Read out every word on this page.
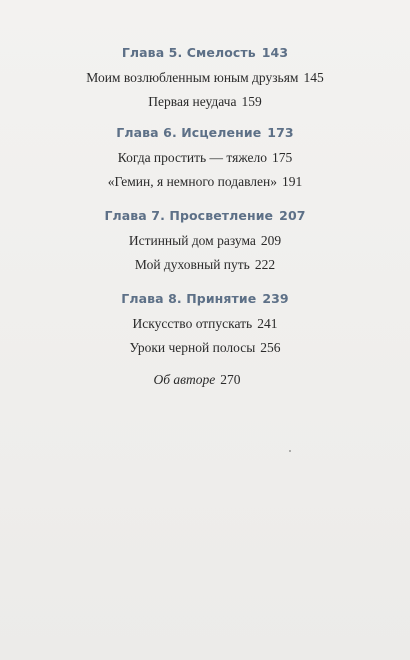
Глава 5. Смелость 143
Моим возлюбленным юным друзьям 145
Первая неудача 159
Глава 6. Исцеление 173
Когда простить — тяжело 175
«Гемин, я немного подавлен» 191
Глава 7. Просветление 207
Истинный дом разума 209
Мой духовный путь 222
Глава 8. Принятие 239
Искусство отпускать 241
Уроки черной полосы 256
Об авторе 270
